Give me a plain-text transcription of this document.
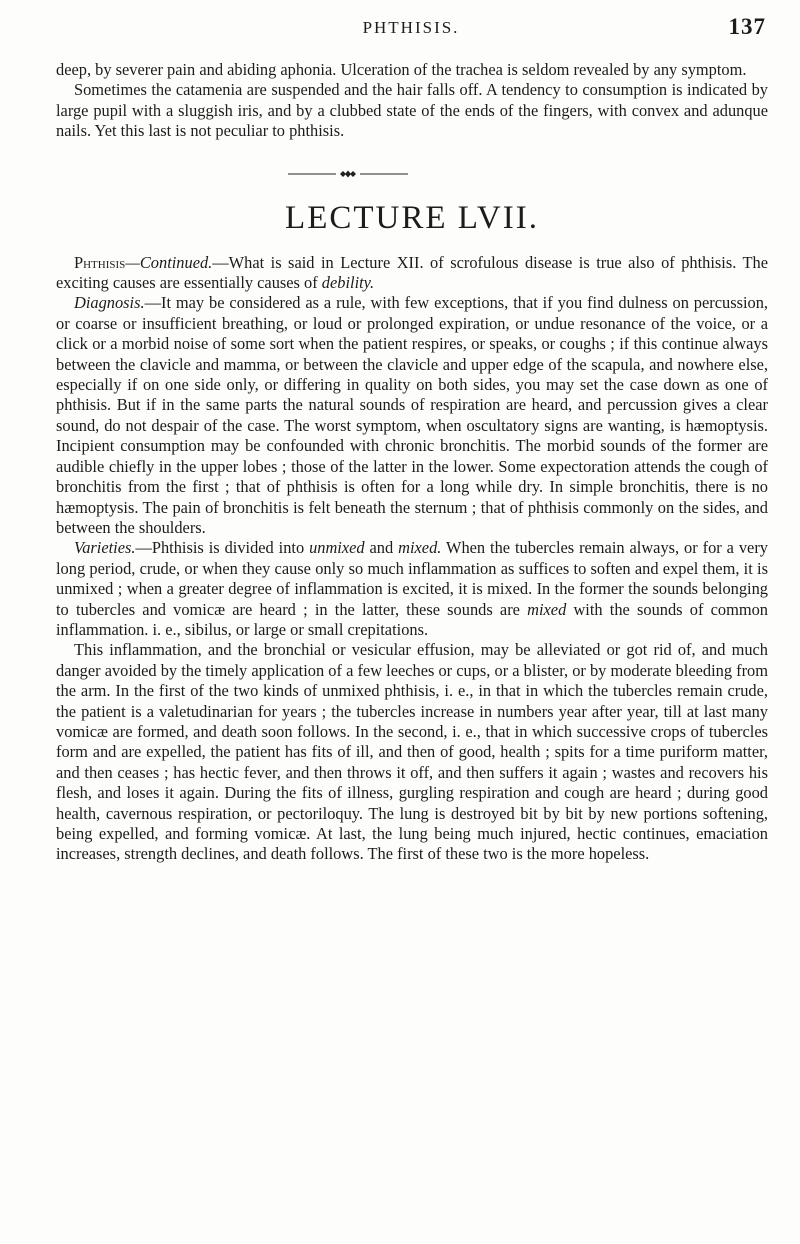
PHTHISIS.	137

deep, by severer pain and abiding aphonia. Ulceration of the trachea is seldom revealed by any symptom.

Sometimes the catamenia are suspended and the hair falls off. A tendency to consumption is indicated by large pupil with a sluggish iris, and by a clubbed state of the ends of the fingers, with convex and adunque nails. Yet this last is not peculiar to phthisis.

LECTURE LVII.

Phthisis—Continued.—What is said in Lecture XII. of scrofulous disease is true also of phthisis. The exciting causes are essentially causes of debility.

Diagnosis.—It may be considered as a rule, with few exceptions, that if you find dulness on percussion, or coarse or insufficient breathing, or loud or prolonged expiration, or undue resonance of the voice, or a click or a morbid noise of some sort when the patient respires, or speaks, or coughs ; if this continue always between the clavicle and mamma, or between the clavicle and upper edge of the scapula, and nowhere else, especially if on one side only, or differing in quality on both sides, you may set the case down as one of phthisis. But if in the same parts the natural sounds of respiration are heard, and percussion gives a clear sound, do not despair of the case. The worst symptom, when oscultatory signs are wanting, is hæmoptysis. Incipient consumption may be confounded with chronic bronchitis. The morbid sounds of the former are audible chiefly in the upper lobes ; those of the latter in the lower. Some expectoration attends the cough of bronchitis from the first ; that of phthisis is often for a long while dry. In simple bronchitis, there is no hæmoptysis. The pain of bronchitis is felt beneath the sternum ; that of phthisis commonly on the sides, and between the shoulders.

Varieties.—Phthisis is divided into unmixed and mixed. When the tubercles remain always, or for a very long period, crude, or when they cause only so much inflammation as suffices to soften and expel them, it is unmixed ; when a greater degree of inflammation is excited, it is mixed. In the former the sounds belonging to tubercles and vomicæ are heard ; in the latter, these sounds are mixed with the sounds of common inflammation. i. e., sibilus, or large or small crepitations.

This inflammation, and the bronchial or vesicular effusion, may be alleviated or got rid of, and much danger avoided by the timely application of a few leeches or cups, or a blister, or by moderate bleeding from the arm. In the first of the two kinds of unmixed phthisis, i. e., in that in which the tubercles remain crude, the patient is a valetudinarian for years ; the tubercles increase in numbers year after year, till at last many vomicæ are formed, and death soon follows. In the second, i. e., that in which successive crops of tubercles form and are expelled, the patient has fits of ill, and then of good, health ; spits for a time puriform matter, and then ceases ; has hectic fever, and then throws it off, and then suffers it again ; wastes and recovers his flesh, and loses it again. During the fits of illness, gurgling respiration and cough are heard ; during good health, cavernous respiration, or pectoriloquy. The lung is destroyed bit by bit by new portions softening, being expelled, and forming vomicæ. At last, the lung being much injured, hectic continues, emaciation increases, strength declines, and death follows. The first of these two is the more hopeless.
